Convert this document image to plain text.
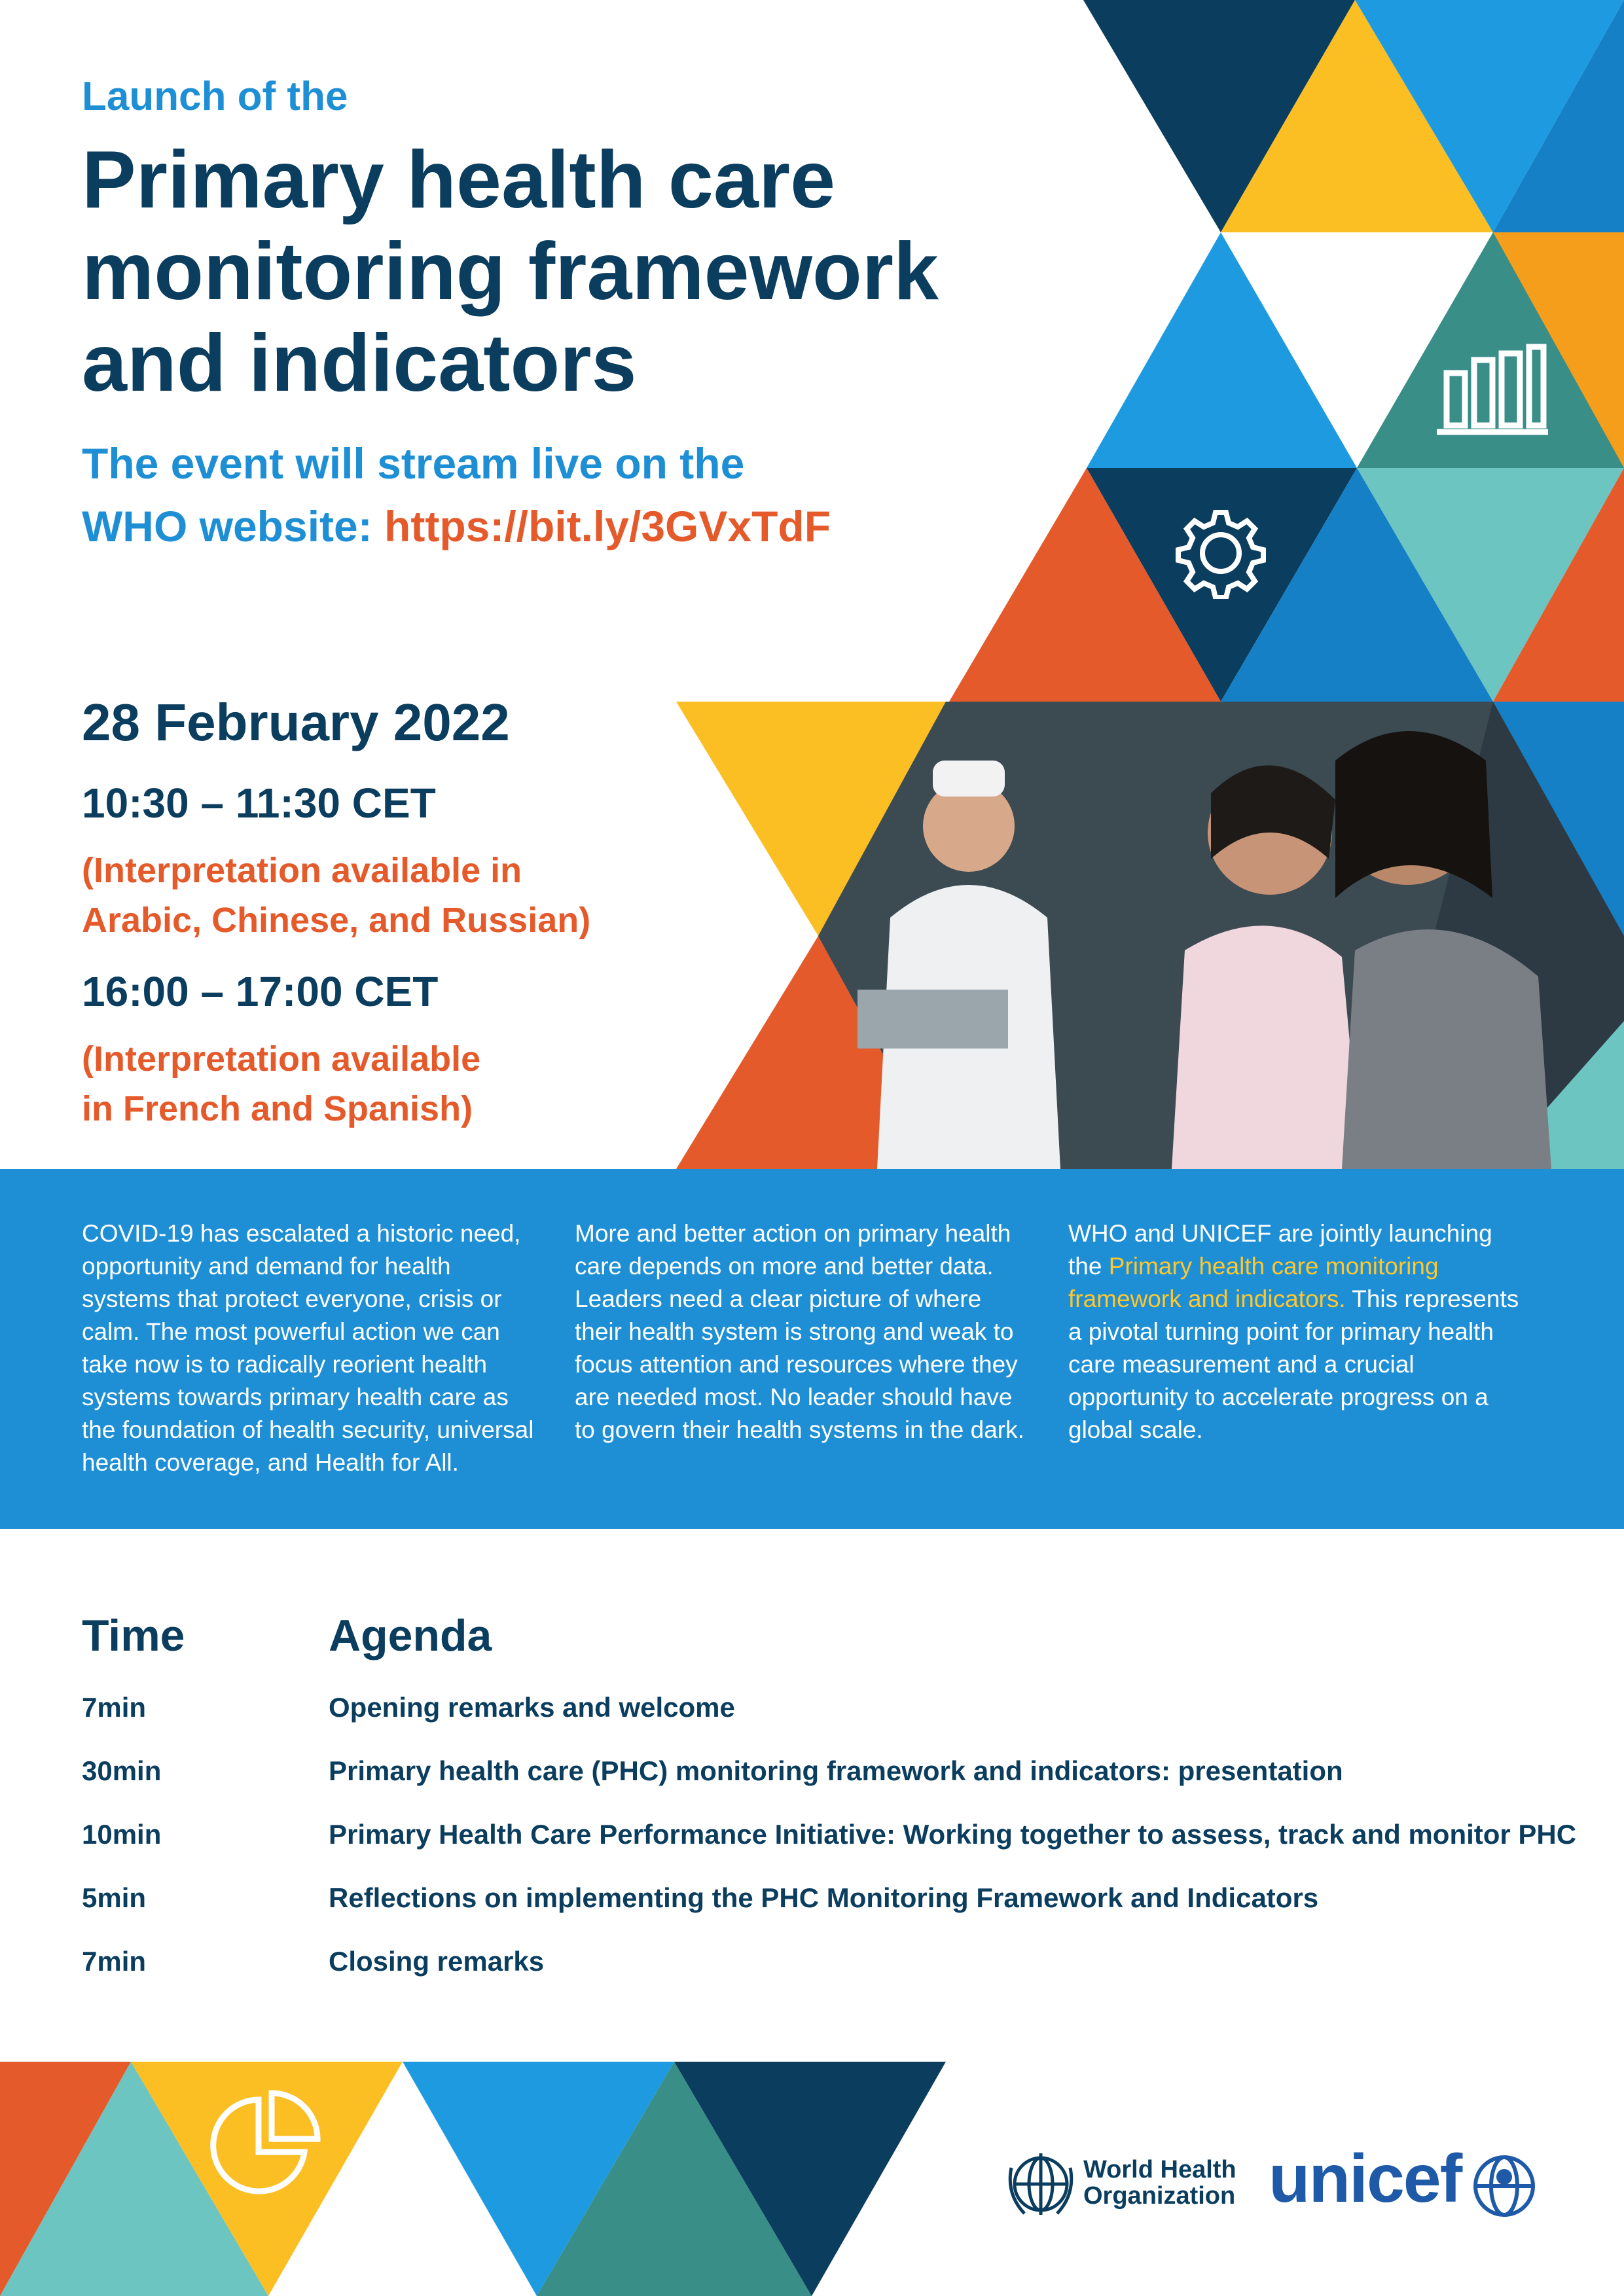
Launch of the
Primary health care
monitoring framework
and indicators
The event will stream live on the
WHO website: https://bit.ly/3GVxTdF
28 February 2022
10:30 – 11:30 CET
(Interpretation available in
Arabic, Chinese, and Russian)
16:00 – 17:00 CET
(Interpretation available
in French and Spanish)
COVID-19 has escalated a historic need, opportunity and demand for health systems that protect everyone, crisis or calm. The most powerful action we can take now is to radically reorient health systems towards primary health care as the foundation of health security, universal health coverage, and Health for All.
More and better action on primary health care depends on more and better data. Leaders need a clear picture of where their health system is strong and weak to focus attention and resources where they are needed most. No leader should have to govern their health systems in the dark.
WHO and UNICEF are jointly launching the Primary health care monitoring framework and indicators. This represents a pivotal turning point for primary health care measurement and a crucial opportunity to accelerate progress on a global scale.
Time	Agenda
7min	Opening remarks and welcome
30min	Primary health care (PHC) monitoring framework and indicators: presentation
10min	Primary Health Care Performance Initiative: Working together to assess, track and monitor PHC
5min	Reflections on implementing the PHC Monitoring Framework and Indicators
7min	Closing remarks
World Health
Organization unicef
